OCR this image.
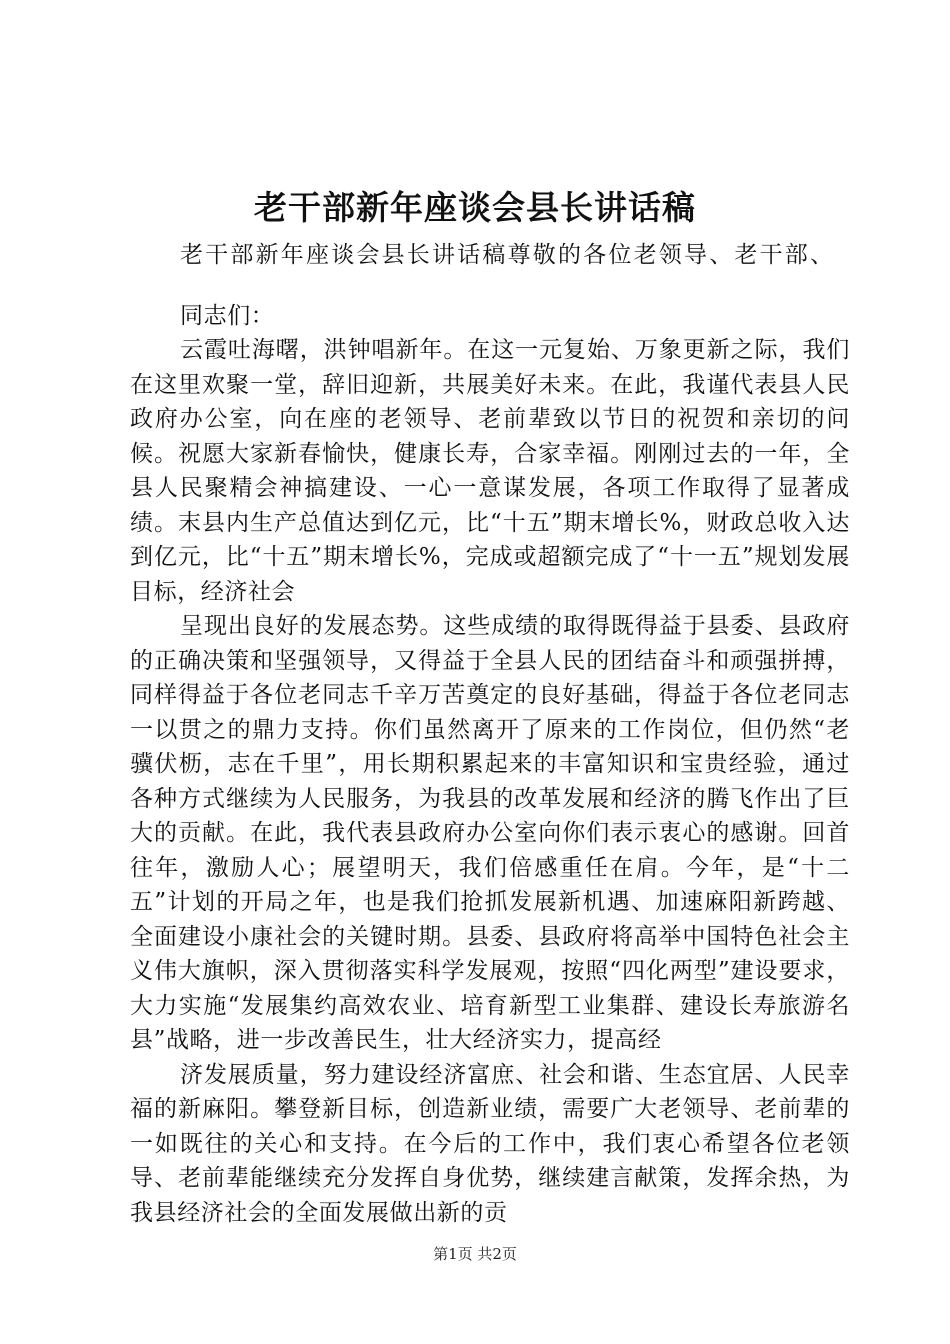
老干部新年座谈会县长讲话稿

老干部新年座谈会县长讲话稿尊敬的各位老领导、老干部、

同志们：

云霞吐海曙，洪钟唱新年。在这一元复始、万象更新之际，我们在这里欢聚一堂，辞旧迎新，共展美好未来。在此，我谨代表县人民政府办公室，向在座的老领导、老前辈致以节日的祝贺和亲切的问候。祝愿大家新春愉快，健康长寿，合家幸福。刚刚过去的一年，全县人民聚精会神搞建设、一心一意谋发展，各项工作取得了显著成绩。末县内生产总值达到亿元，比“十五”期末增长%，财政总收入达到亿元，比“十五”期末增长%，完成或超额完成了“十一五”规划发展目标，经济社会

呈现出良好的发展态势。这些成绩的取得既得益于县委、县政府的正确决策和坚强领导，又得益于全县人民的团结奋斗和顽强拼搏，同样得益于各位老同志千辛万苦奠定的良好基础，得益于各位老同志一以贯之的鼎力支持。你们虽然离开了原来的工作岗位，但仍然“老骥伏枥，志在千里”，用长期积累起来的丰富知识和宝贵经验，通过各种方式继续为人民服务，为我县的改革发展和经济的腾飞作出了巨大的贡献。在此，我代表县政府办公室向你们表示衷心的感谢。回首往年，激励人心；展望明天，我们倍感重任在肩。今年，是“十二五”计划的开局之年，也是我们抢抓发展新机遇、加速麻阳新跨越、全面建设小康社会的关键时期。县委、县政府将高举中国特色社会主义伟大旗帜，深入贯彻落实科学发展观，按照“四化两型”建设要求，大力实施“发展集约高效农业、培育新型工业集群、建设长寿旅游名县”战略，进一步改善民生，壮大经济实力，提高经

济发展质量，努力建设经济富庶、社会和谐、生态宜居、人民幸福的新麻阳。攀登新目标，创造新业绩，需要广大老领导、老前辈的一如既往的关心和支持。在今后的工作中，我们衷心希望各位老领导、老前辈能继续充分发挥自身优势，继续建言献策，发挥余热，为我县经济社会的全面发展做出新的贡

第1页 共2页
